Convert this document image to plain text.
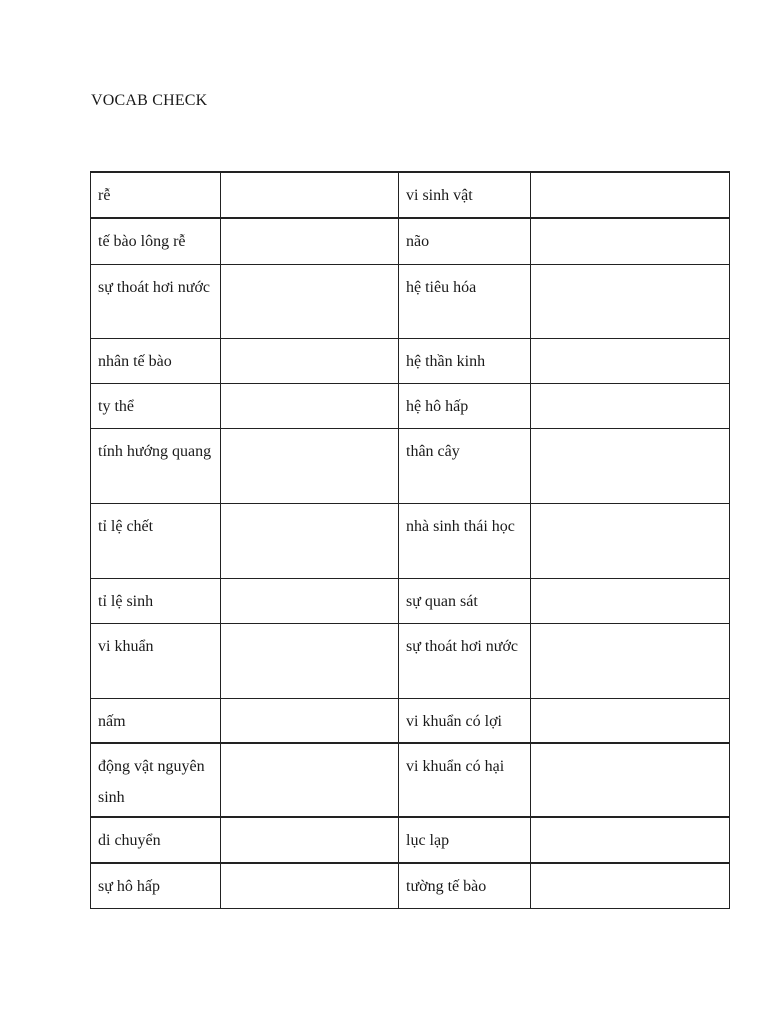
VOCAB CHECK
rễ		vi sinh vật	
tế bào lông rễ		não	
sự thoát hơi nước		hệ tiêu hóa	
nhân tế bào		hệ thần kinh	
ty thể		hệ hô hấp	
tính hướng quang		thân cây	
tỉ lệ chết		nhà sinh thái học	
tỉ lệ sinh		sự quan sát	
vi khuẩn		sự thoát hơi nước	
nấm		vi khuẩn có lợi	
động vật nguyên sinh		vi khuẩn có hại	
di chuyển		lục lạp	
sự hô hấp		tường tế bào	
